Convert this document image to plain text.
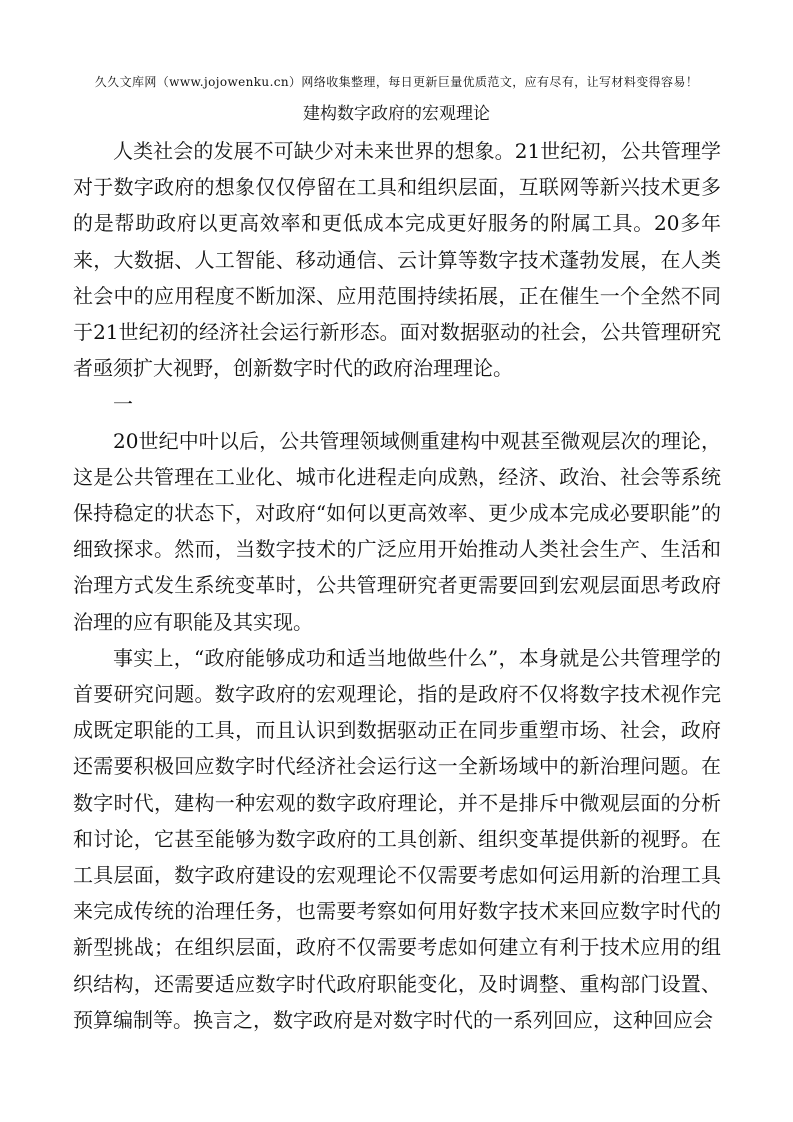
久久文库网（www.jojowenku.cn）网络收集整理，每日更新巨量优质范文，应有尽有，让写材料变得容易！
建构数字政府的宏观理论

人类社会的发展不可缺少对未来世界的想象。21世纪初，公共管理学对于数字政府的想象仅仅停留在工具和组织层面，互联网等新兴技术更多的是帮助政府以更高效率和更低成本完成更好服务的附属工具。20多年来，大数据、人工智能、移动通信、云计算等数字技术蓬勃发展，在人类社会中的应用程度不断加深、应用范围持续拓展，正在催生一个全然不同于21世纪初的经济社会运行新形态。面对数据驱动的社会，公共管理研究者亟须扩大视野，创新数字时代的政府治理理论。

一

20世纪中叶以后，公共管理领域侧重建构中观甚至微观层次的理论，这是公共管理在工业化、城市化进程走向成熟，经济、政治、社会等系统保持稳定的状态下，对政府“如何以更高效率、更少成本完成必要职能”的细致探求。然而，当数字技术的广泛应用开始推动人类社会生产、生活和治理方式发生系统变革时，公共管理研究者更需要回到宏观层面思考政府治理的应有职能及其实现。

事实上，“政府能够成功和适当地做些什么”，本身就是公共管理学的首要研究问题。数字政府的宏观理论，指的是政府不仅将数字技术视作完成既定职能的工具，而且认识到数据驱动正在同步重塑市场、社会，政府还需要积极回应数字时代经济社会运行这一全新场域中的新治理问题。在数字时代，建构一种宏观的数字政府理论，并不是排斥中微观层面的分析和讨论，它甚至能够为数字政府的工具创新、组织变革提供新的视野。在工具层面，数字政府建设的宏观理论不仅需要考虑如何运用新的治理工具来完成传统的治理任务，也需要考察如何用好数字技术来回应数字时代的新型挑战；在组织层面，政府不仅需要考虑如何建立有利于技术应用的组织结构，还需要适应数字时代政府职能变化，及时调整、重构部门设置、预算编制等。换言之，数字政府是对数字时代的一系列回应，这种回应会
